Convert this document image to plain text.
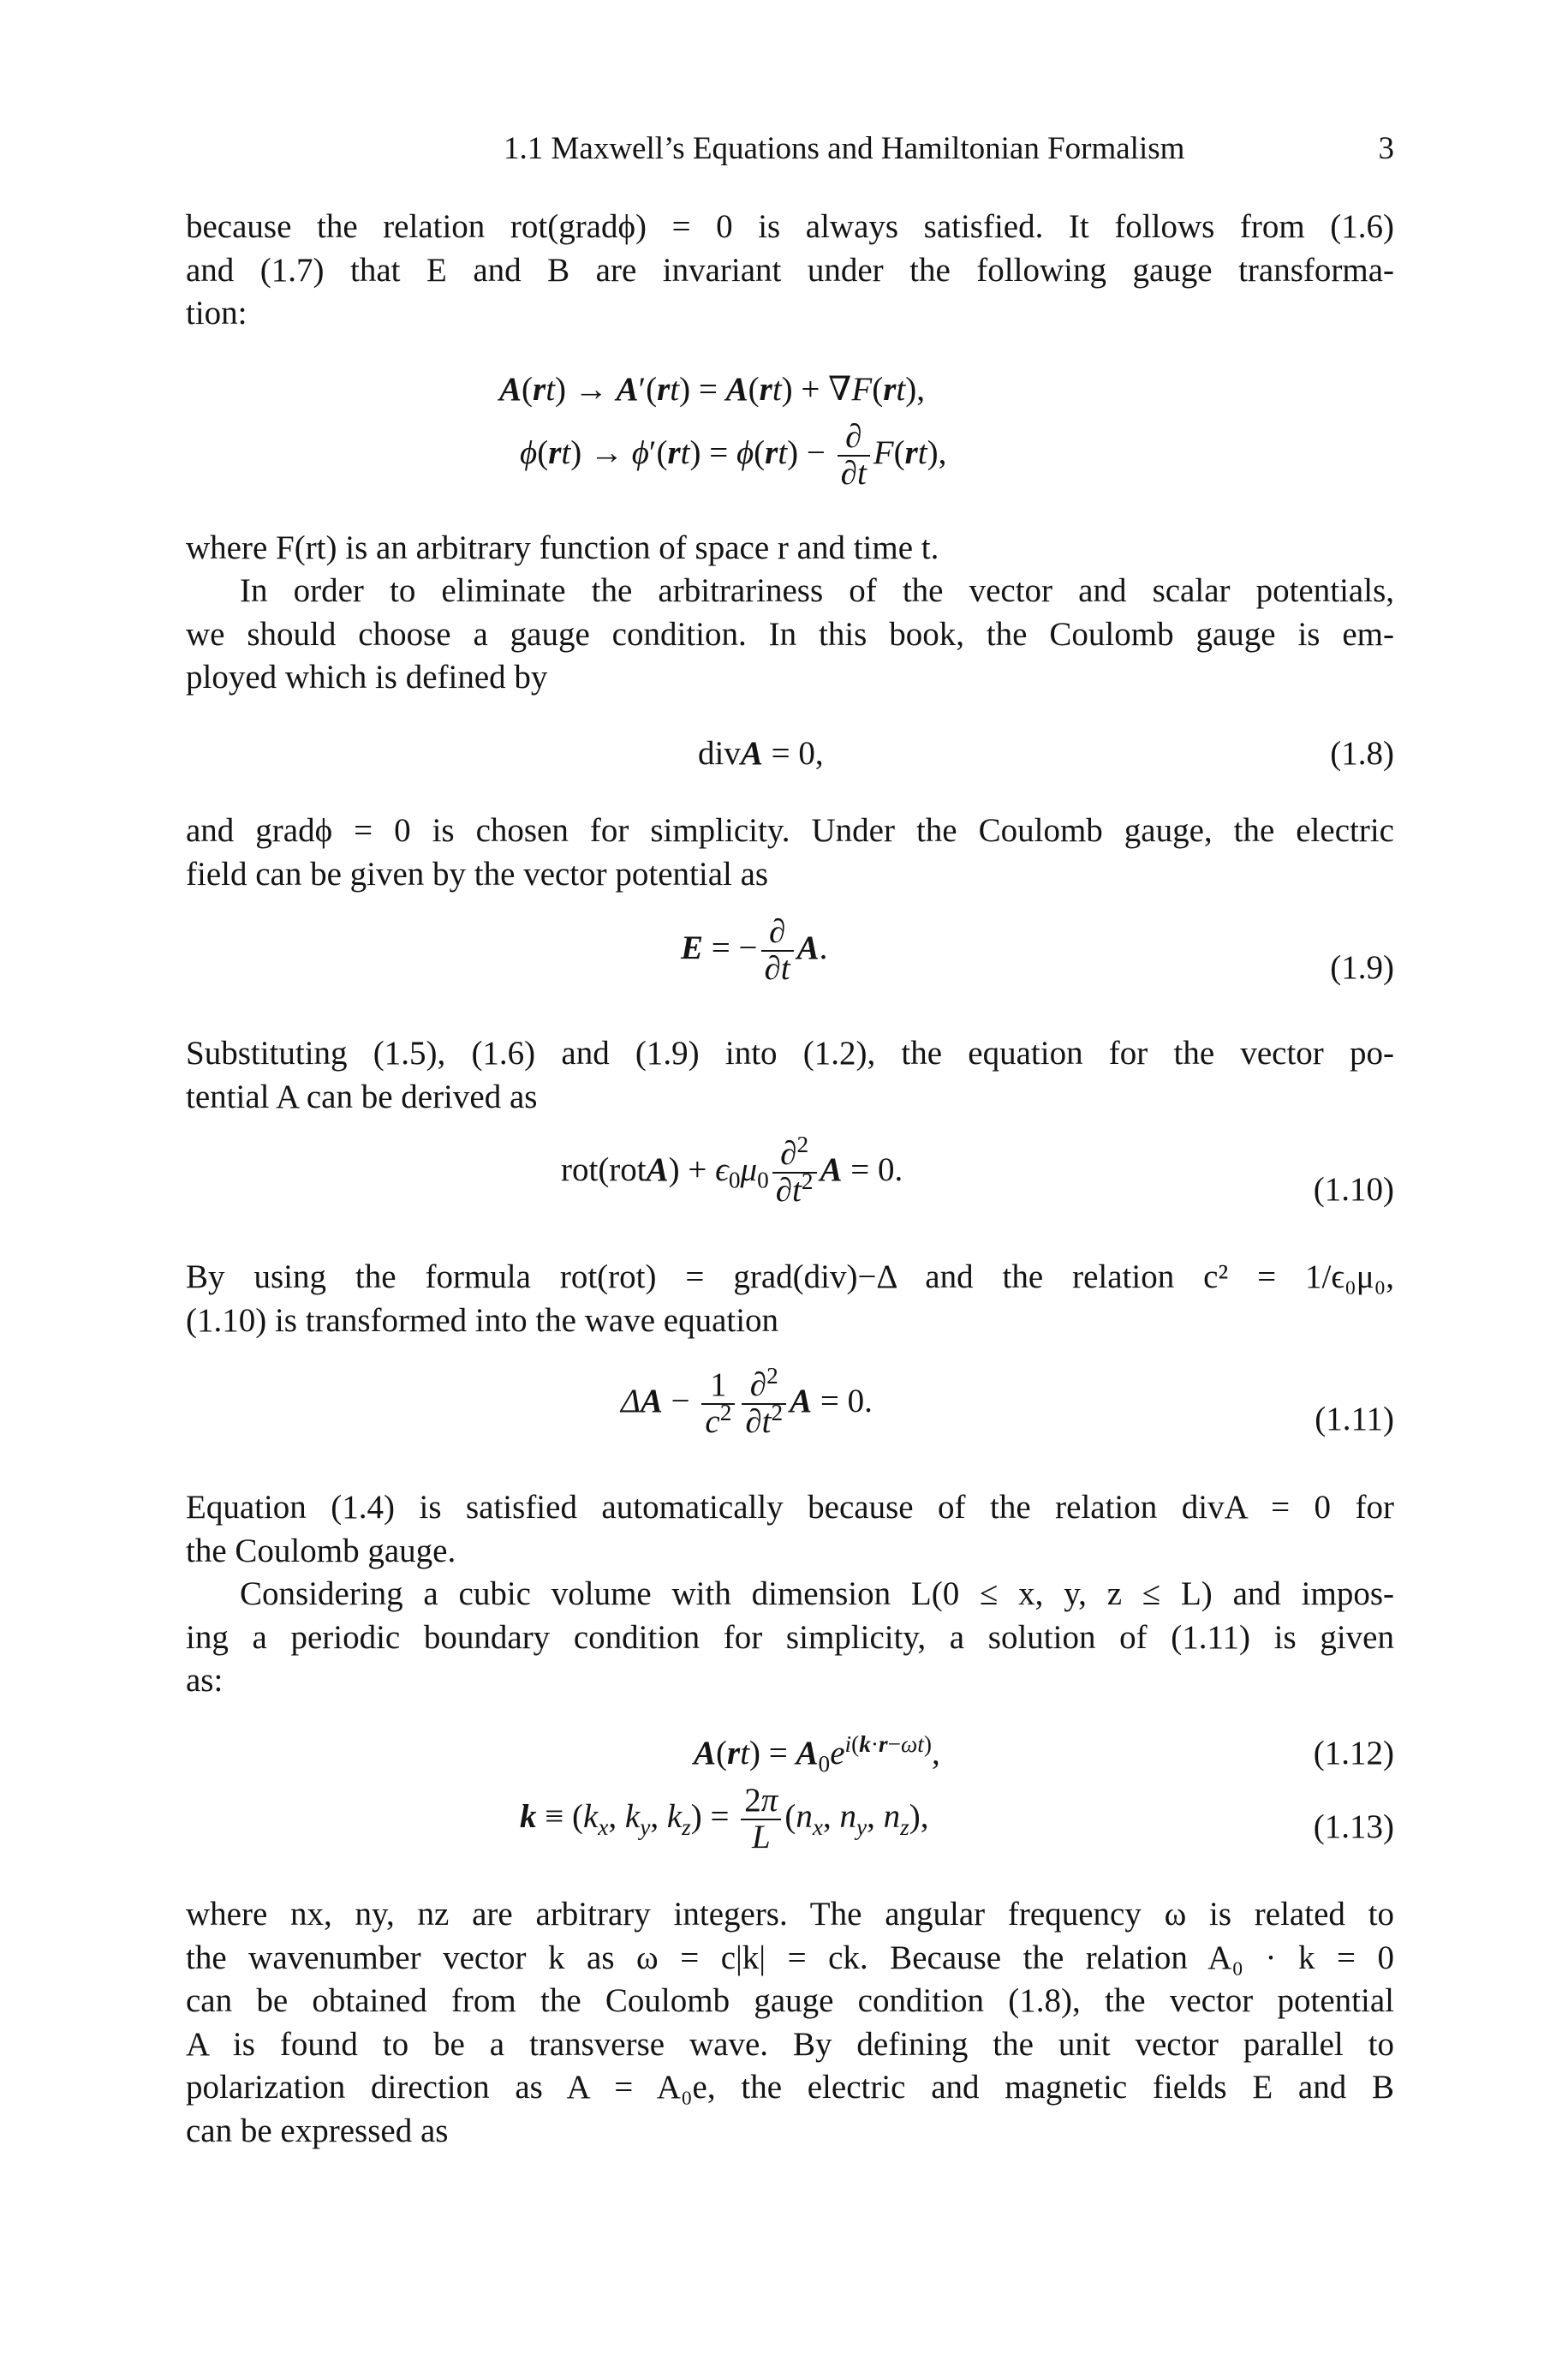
1.1 Maxwell’s Equations and Hamiltonian Formalism	3
because the relation rot(gradϕ) = 0 is always satisfied. It follows from (1.6)
and (1.7) that E and B are invariant under the following gauge transforma-
tion:
A(rt) → A′(rt) = A(rt) + ∇F(rt),
$\phi(rt) \to \phi'(rt) = \phi(rt) - \frac{\partial}{\partial t} F(rt)$,
where F(rt) is an arbitrary function of space r and time t.
In order to eliminate the arbitrariness of the vector and scalar potentials,
we should choose a gauge condition. In this book, the Coulomb gauge is em-
ployed which is defined by
divA = 0,	(1.8)
and gradϕ = 0 is chosen for simplicity. Under the Coulomb gauge, the electric
field can be given by the vector potential as
E = − $\frac{\partial}{\partial t} A$.
(1.9)
Substituting (1.5), (1.6) and (1.9) into (1.2), the equation for the vector po-
tential A can be derived as
rot(rotA) + $\epsilon_0\mu_0 \frac{\partial^2}{\partial t^2}$ A = 0.
(1.10)
By using the formula rot(rot) = grad(div)−Δ and the relation c² = 1/ϵ₀μ₀,
(1.10) is transformed into the wave equation
$\Delta A - \frac{1}{c^2} \frac{\partial^2}{\partial t^2}$ A = 0.	(1.11)
Equation (1.4) is satisfied automatically because of the relation divA = 0 for
the Coulomb gauge.
Considering a cubic volume with dimension L(0 ≤ x, y, z ≤ L) and impos-
ing a periodic boundary condition for simplicity, a solution of (1.11) is given
as:
$A(rt) = A_0e^{i(k\cdot r-\omega t)}$,	(1.12)
$k \equiv (k_x$, $k_y$, $k_z) = \frac{2\pi}{L} (n_x$, $n_y$, $n_z$),	(1.13)
where nx, ny, nz are arbitrary integers. The angular frequency ω is related to
the wavenumber vector k as ω = c|k| = ck. Because the relation A₀ · k = 0
can be obtained from the Coulomb gauge condition (1.8), the vector potential
A is found to be a transverse wave. By defining the unit vector parallel to
polarization direction as A = A₀e, the electric and magnetic fields E and B
can be expressed as
